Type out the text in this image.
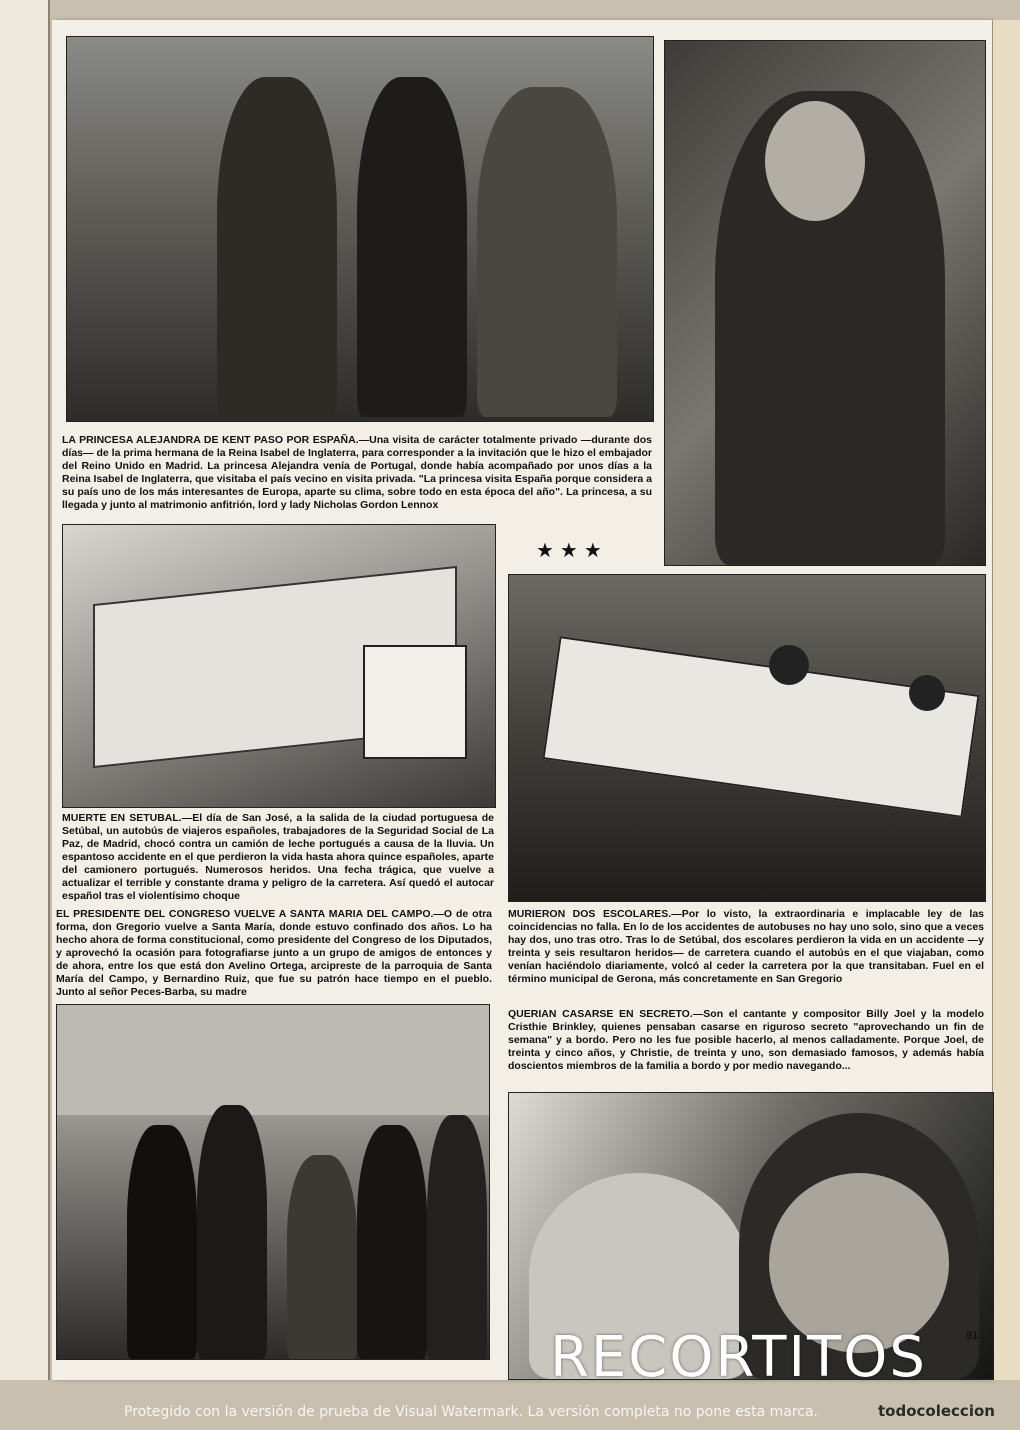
LA PRINCESA ALEJANDRA DE KENT PASO POR ESPAÑA.—Una visita de carácter totalmente privado —durante dos días— de la prima hermana de la Reina Isabel de Inglaterra, para corresponder a la invitación que le hizo el embajador del Reino Unido en Madrid. La princesa Alejandra venía de Portugal, donde había acompañado por unos días a la Reina Isabel de Inglaterra, que visitaba el país vecino en visita privada. "La princesa visita España porque considera a su país uno de los más interesantes de Europa, aparte su clima, sobre todo en esta época del año". La princesa, a su llegada y junto al matrimonio anfitrión, lord y lady Nicholas Gordon Lennox
MUERTE EN SETUBAL.—El día de San José, a la salida de la ciudad portuguesa de Setúbal, un autobús de viajeros españoles, trabajadores de la Seguridad Social de La Paz, de Madrid, chocó contra un camión de leche portugués a causa de la lluvia. Un espantoso accidente en el que perdieron la vida hasta ahora quince españoles, aparte del camionero portugués. Numerosos heridos. Una fecha trágica, que vuelve a actualizar el terrible y constante drama y peligro de la carretera. Así quedó el autocar español tras el violentísimo choque
EL PRESIDENTE DEL CONGRESO VUELVE A SANTA MARIA DEL CAMPO.—O de otra forma, don Gregorio vuelve a Santa María, donde estuvo confinado dos años. Lo ha hecho ahora de forma constitucional, como presidente del Congreso de los Diputados, y aprovechó la ocasión para fotografiarse junto a un grupo de amigos de entonces y de ahora, entre los que está don Avelino Ortega, arcipreste de la parroquia de Santa María del Campo, y Bernardino Ruiz, que fue su patrón hace tiempo en el pueblo. Junto al señor Peces-Barba, su madre
MURIERON DOS ESCOLARES.—Por lo visto, la extraordinaria e implacable ley de las coincidencias no falla. En lo de los accidentes de autobuses no hay uno solo, sino que a veces hay dos, uno tras otro. Tras lo de Setúbal, dos escolares perdieron la vida en un accidente —y treinta y seis resultaron heridos— de carretera cuando el autobús en el que viajaban, como venían haciéndolo diariamente, volcó al ceder la carretera por la que transitaban. Fuel en el término municipal de Gerona, más concretamente en San Gregorio
QUERIAN CASARSE EN SECRETO.—Son el cantante y compositor Billy Joel y la modelo Cristhie Brinkley, quienes pensaban casarse en riguroso secreto "aprovechando un fin de semana" y a bordo. Pero no les fue posible hacerlo, al menos calladamente. Porque Joel, de treinta y cinco años, y Christie, de treinta y uno, son demasiado famosos, y además había doscientos miembros de la familia a bordo y por medio navegando...
★★★
91
RECORTITOS
Protegido con la versión de prueba de Visual Watermark. La versión completa no pone esta marca.	todocoleccion
